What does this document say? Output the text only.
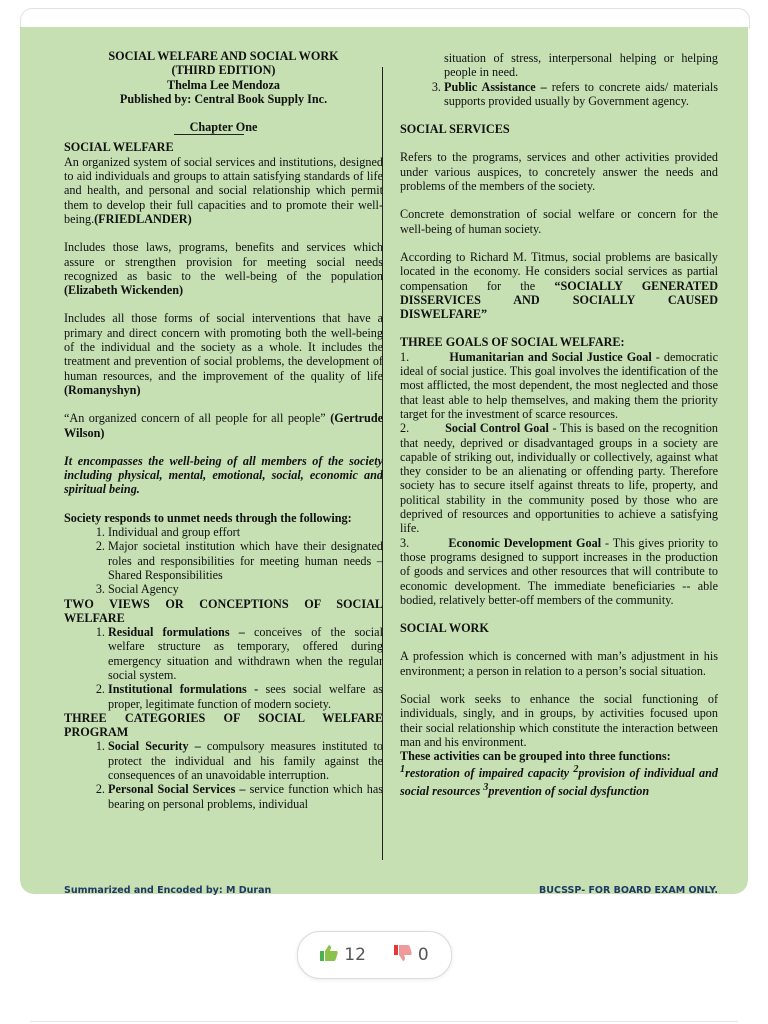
SOCIAL WELFARE AND SOCIAL WORK

(THIRD EDITION)

Thelma Lee Mendoza

Published by: Central Book Supply Inc.

Chapter One

SOCIAL WELFARE

An organized system of social services and institutions, designed to aid individuals and groups to attain satisfying standards of life and health, and personal and social relationship which permit them to develop their full capacities and to promote their well-being.(FRIEDLANDER)

Includes those laws, programs, benefits and services which assure or strengthen provision for meeting social needs recognized as basic to the well-being of the population (Elizabeth Wickenden)

Includes all those forms of social interventions that have a primary and direct concern with promoting both the well-being of the individual and the society as a whole. It includes the treatment and prevention of social problems, the development of human resources, and the improvement of the quality of life (Romanyshyn)

“An organized concern of all people for all people” (Gertrude Wilson)

It encompasses the well-being of all members of the society including physical, mental, emotional, social, economic and spiritual being.

Society responds to unmet needs through the following:

1. Individual and group effort
2. Major societal institution which have their designated roles and responsibilities for meeting human needs – Shared Responsibilities
3. Social Agency

TWO VIEWS OR CONCEPTIONS OF SOCIAL WELFARE

1. Residual formulations – conceives of the social welfare structure as temporary, offered during emergency situation and withdrawn when the regular social system.
2. Institutional formulations - sees social welfare as proper, legitimate function of modern society.

THREE CATEGORIES OF SOCIAL WELFARE PROGRAM

1. Social Security – compulsory measures instituted to protect the individual and his family against the consequences of an unavoidable interruption.
2. Personal Social Services – service function which has bearing on personal problems, individual

situation of stress, interpersonal helping or helping people in need.

3. Public Assistance – refers to concrete aids/ materials supports provided usually by Government agency.

SOCIAL SERVICES

Refers to the programs, services and other activities provided under various auspices, to concretely answer the needs and problems of the members of the society.

Concrete demonstration of social welfare or concern for the well-being of human society.

According to Richard M. Titmus, social problems are basically located in the economy. He considers social services as partial compensation for the “SOCIALLY GENERATED DISSERVICES AND SOCIALLY CAUSED DISWELFARE”

THREE GOALS OF SOCIAL WELFARE:

1.	Humanitarian and Social Justice Goal - democratic ideal of social justice. This goal involves the identification of the most afflicted, the most dependent, the most neglected and those that least able to help themselves, and making them the priority target for the investment of scarce resources.

2.	Social Control Goal - This is based on the recognition that needy, deprived or disadvantaged groups in a society are capable of striking out, individually or collectively, against what they consider to be an alienating or offending party. Therefore society has to secure itself against threats to life, property, and political stability in the community posed by those who are deprived of resources and opportunities to achieve a satisfying life.

3.	Economic Development Goal - This gives priority to those programs designed to support increases in the production of goods and services and other resources that will contribute to economic development. The immediate beneficiaries -- able bodied, relatively better-off members of the community.

SOCIAL WORK

A profession which is concerned with man’s adjustment in his environment; a person in relation to a person’s social situation.

Social work seeks to enhance the social functioning of individuals, singly, and in groups, by activities focused upon their social relationship which constitute the interaction between man and his environment.

These activities can be grouped into three functions:

$^1$restoration of impaired capacity $^2$provision of individual and social resources $^3$prevention of social dysfunction

Summarized and Encoded by: M Duran	BUCSSP- FOR BOARD EXAM ONLY.
12	0
